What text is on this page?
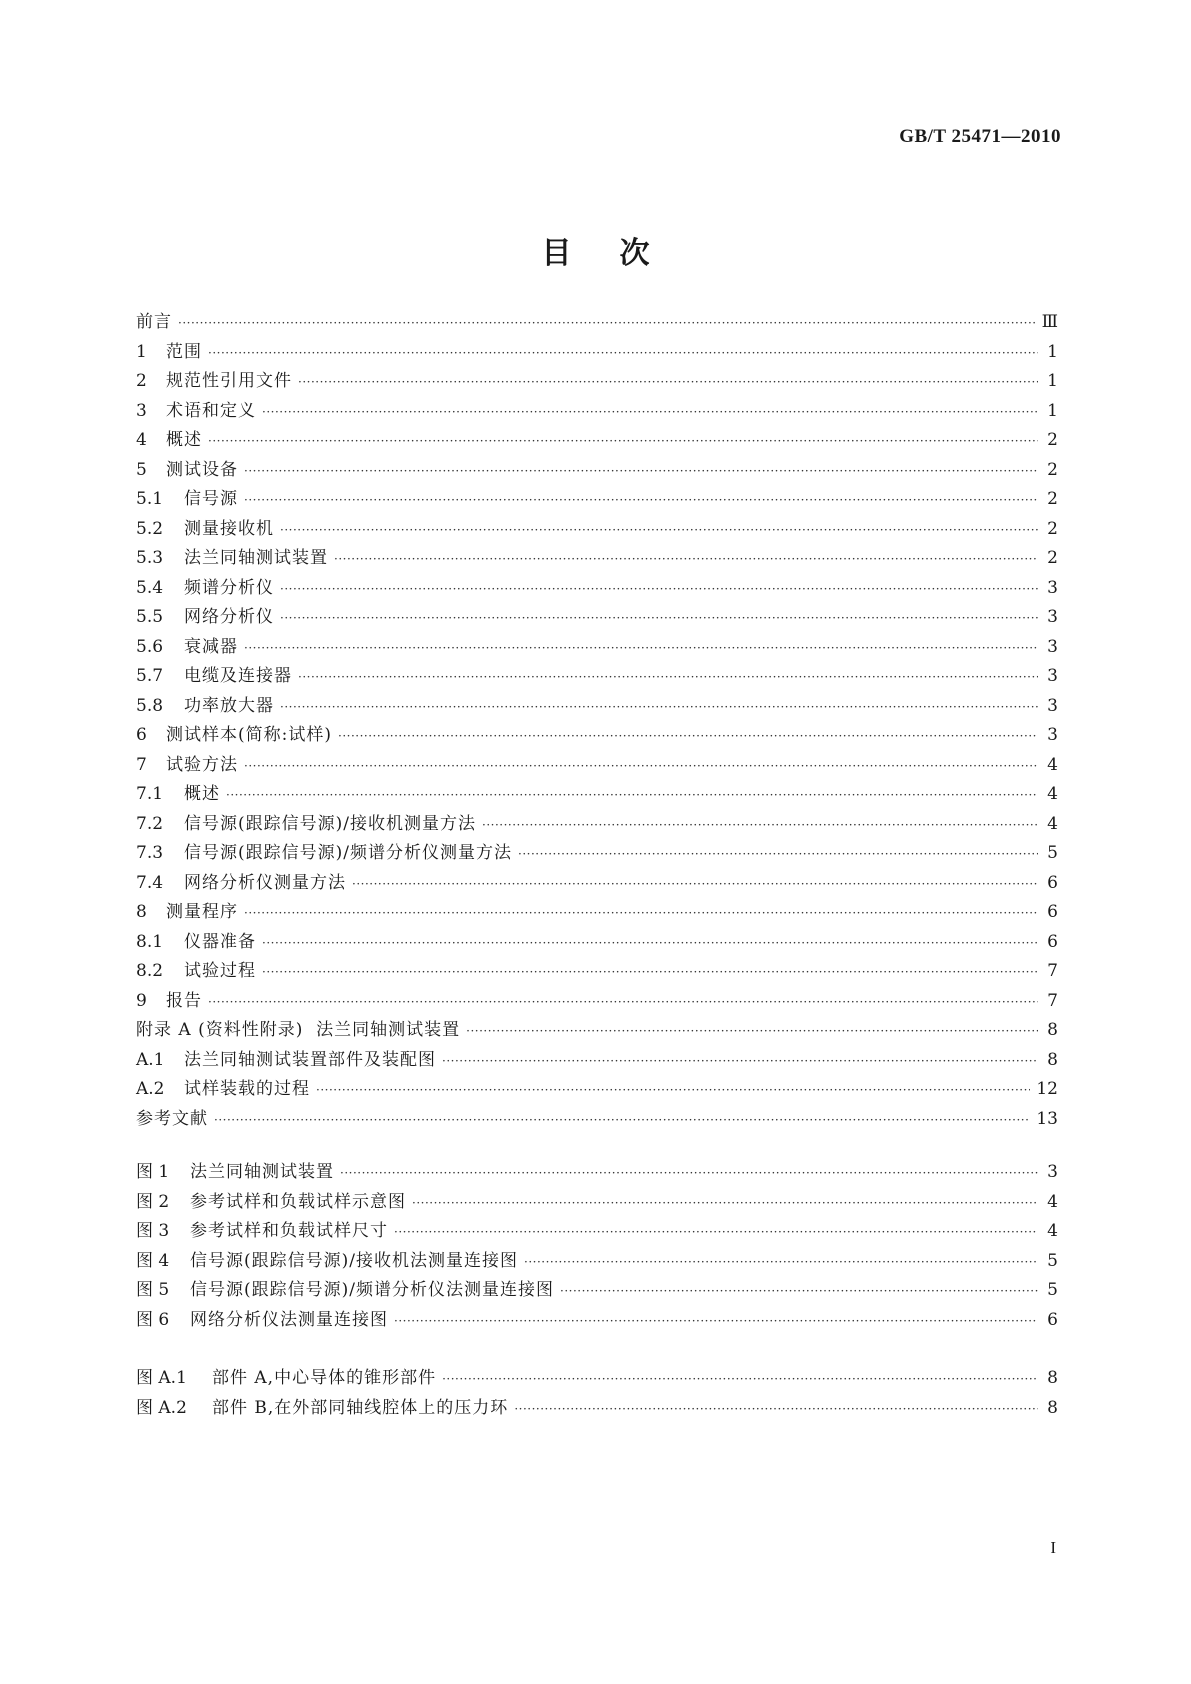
GB/T 25471—2010
目次
前言 ·····	Ⅲ
1	范围 ·····	1
2	规范性引用文件 ·····	1
3	术语和定义 ·····	1
4	概述 ·····	2
5	测试设备 ·····	2
5.1	信号源 ·····	2
5.2	测量接收机 ·····	2
5.3	法兰同轴测试装置 ·····	2
5.4	频谱分析仪 ·····	3
5.5	网络分析仪 ·····	3
5.6	衰减器 ·····	3
5.7	电缆及连接器 ·····	3
5.8	功率放大器 ·····	3
6	测试样本(简称:试样) ·····	3
7	试验方法 ·····	4
7.1	概述 ·····	4
7.2	信号源(跟踪信号源)/接收机测量方法 ·····	4
7.3	信号源(跟踪信号源)/频谱分析仪测量方法 ·····	5
7.4	网络分析仪测量方法 ·····	6
8	测量程序 ·····	6
8.1	仪器准备 ·····	6
8.2	试验过程 ·····	7
9	报告 ·····	7
附录 A (资料性附录)  法兰同轴测试装置 ·····	8
A.1	法兰同轴测试装置部件及装配图 ·····	8
A.2	试样装载的过程 ·····	12
参考文献 ·····	13
图 1	法兰同轴测试装置 ·····	3
图 2	参考试样和负载试样示意图 ·····	4
图 3	参考试样和负载试样尺寸 ·····	4
图 4	信号源(跟踪信号源)/接收机法测量连接图 ·····	5
图 5	信号源(跟踪信号源)/频谱分析仪法测量连接图 ·····	5
图 6	网络分析仪法测量连接图 ·····	6
图 A.1	部件 A,中心导体的锥形部件 ·····	8
图 A.2	部件 B,在外部同轴线腔体上的压力环 ·····	8
I
